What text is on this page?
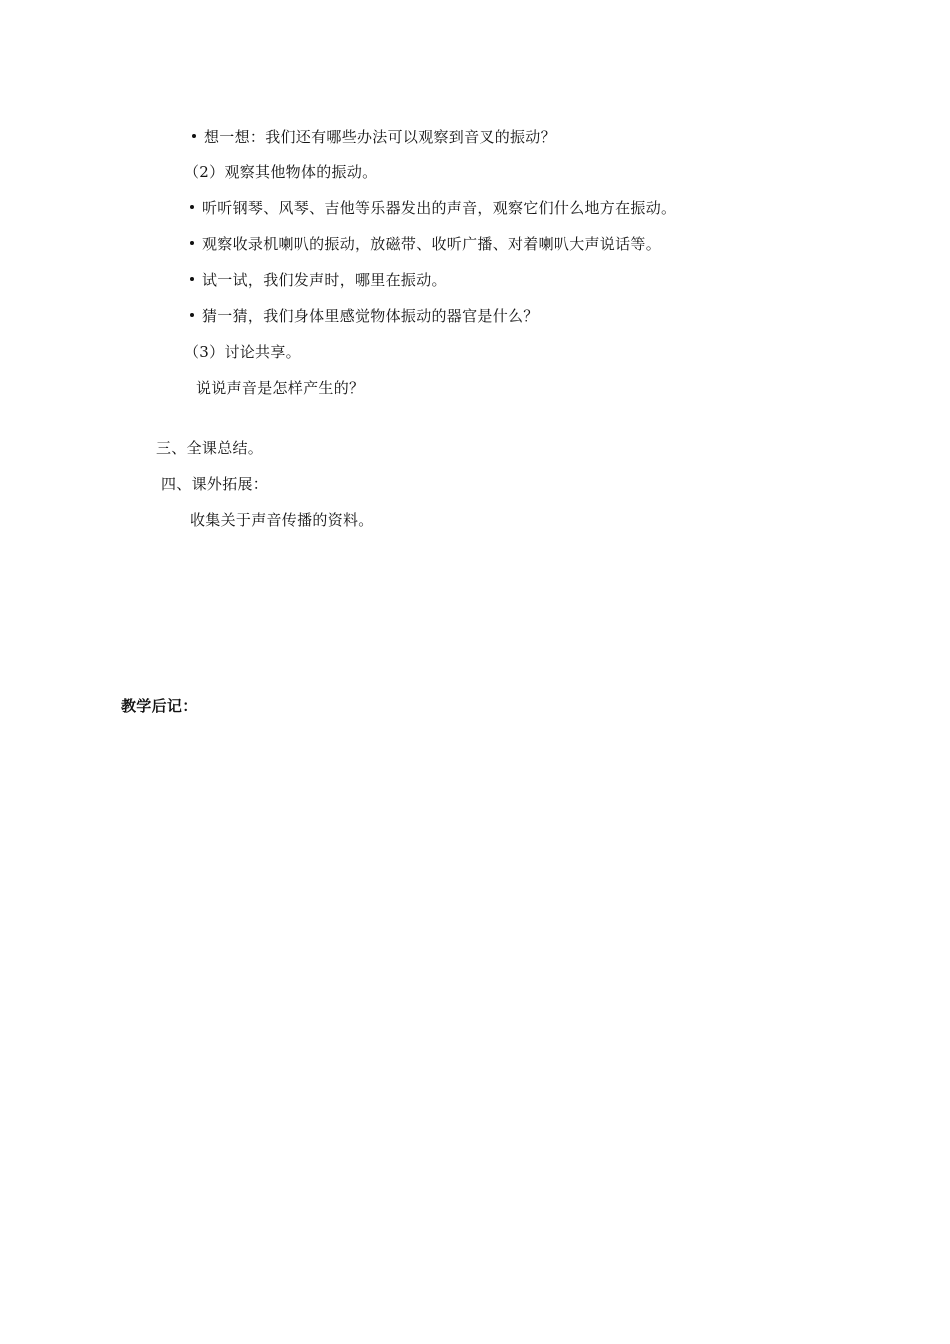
想一想：我们还有哪些办法可以观察到音叉的振动？
（2）观察其他物体的振动。
听听钢琴、风琴、吉他等乐器发出的声音，观察它们什么地方在振动。
观察收录机喇叭的振动，放磁带、收听广播、对着喇叭大声说话等。
试一试，我们发声时，哪里在振动。
猜一猜，我们身体里感觉物体振动的器官是什么？
（3）讨论共享。
说说声音是怎样产生的？
三、全课总结。
四、课外拓展：
收集关于声音传播的资料。
教学后记：
